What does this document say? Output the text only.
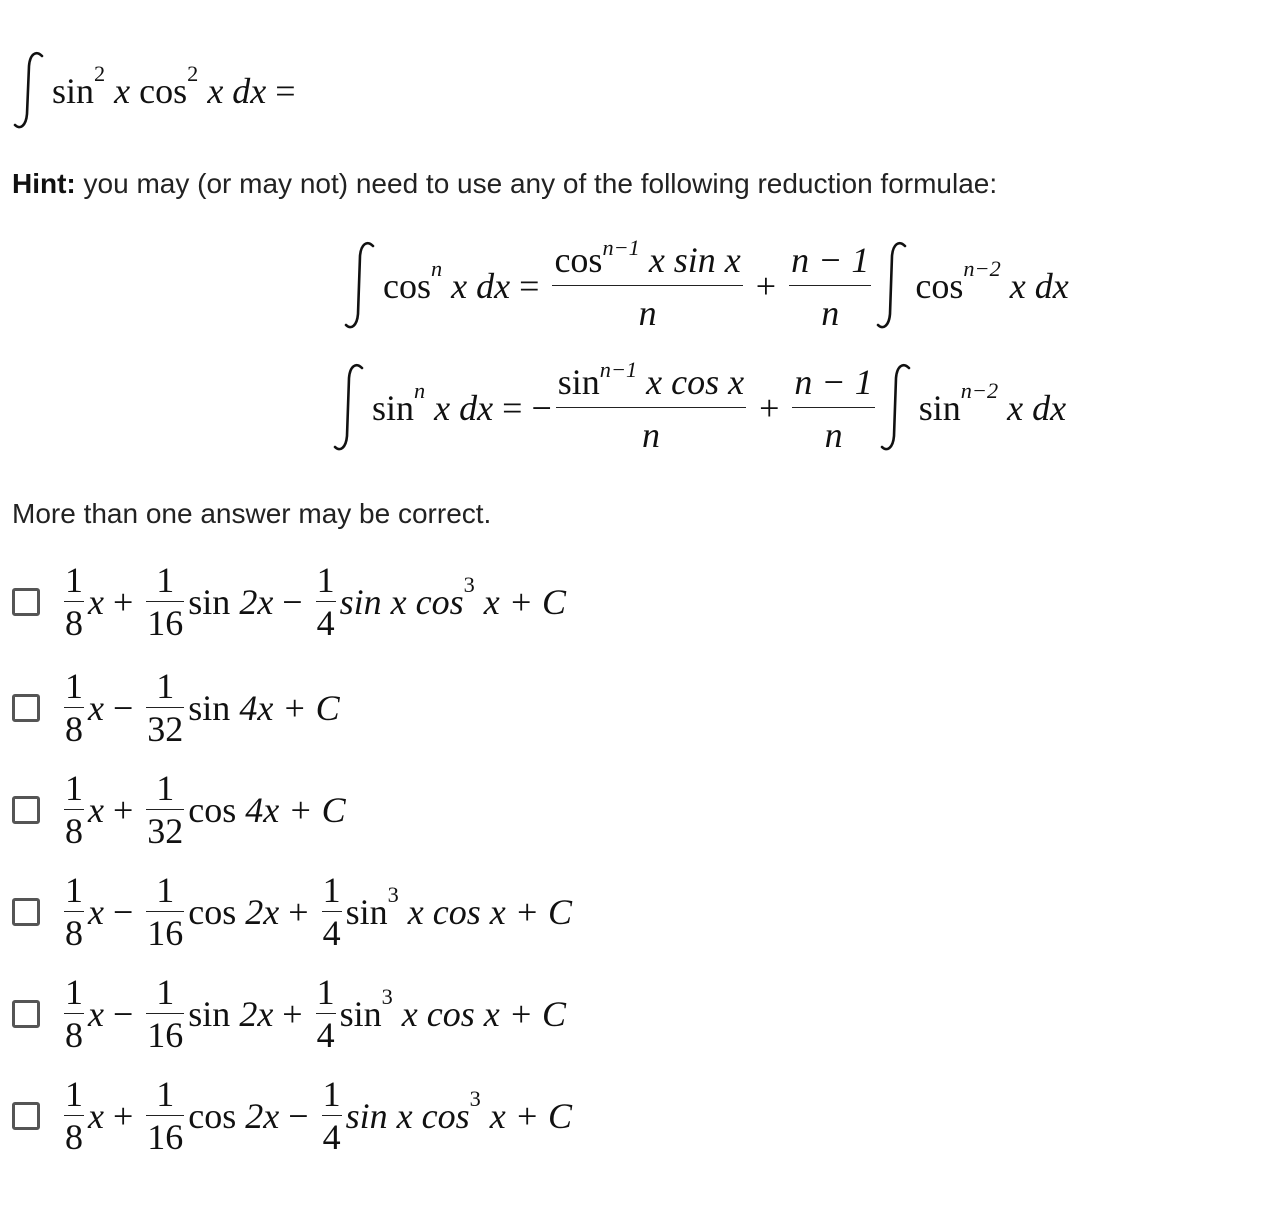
$\sin^2 x$ $\cos^2 x$ dx =
Hint: you may (or may not) need to use any of the following reduction formulae:
$\cos^n x$ dx = $\frac{\cos^{n-1} x \sin x}{n} + \frac{n - 1}{n} \cos^{n-2} x$ dx
$\sin^n x$ dx = − $\frac{\sin^{n-1} x \cos x}{n} + \frac{n - 1}{n} \sin^{n-2} x$ dx
More than one answer may be correct.
$\frac{1}{8}$ $x + \frac{1}{16}$ $\sin 2x - \frac{1}{4}$ sin x $\cos^3 x + C$
$\frac{1}{8}$ $x - \frac{1}{32}$ sin 4x + C
$\frac{1}{8}$ $x + \frac{1}{32}$ cos 4x + C
$\frac{1}{8}$ $x - \frac{1}{16}$ $\cos 2x + \frac{1}{4} \sin^3 x$ cos x + C
$\frac{1}{8}$ $x - \frac{1}{16}$ $\sin 2x + \frac{1}{4} \sin^3 x$ cos x + C
$\frac{1}{8}$ $x + \frac{1}{16}$ $\cos 2x - \frac{1}{4}$ sin x $\cos^3 x + C$
